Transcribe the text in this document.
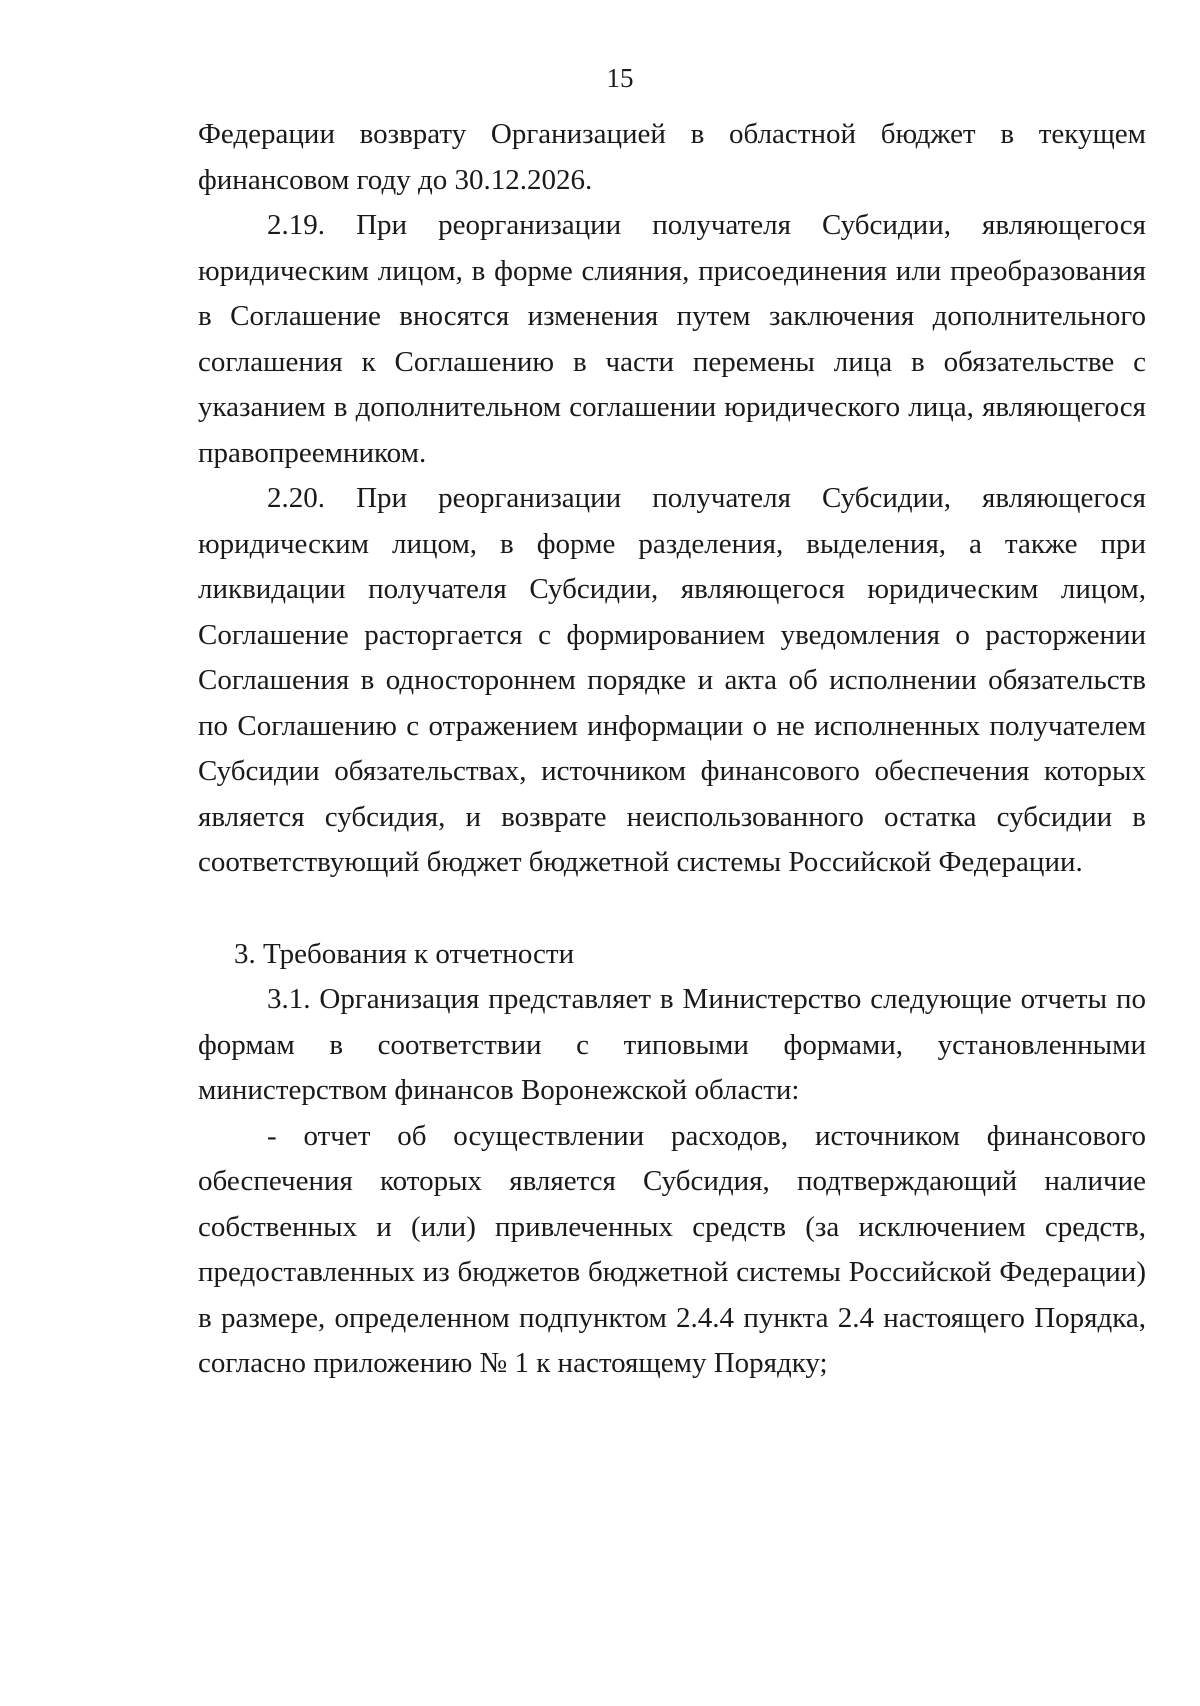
15

Федерации возврату Организацией в областной бюджет в текущем финансовом году до 30.12.2026.

2.19. При реорганизации получателя Субсидии, являющегося юридическим лицом, в форме слияния, присоединения или преобразования в Соглашение вносятся изменения путем заключения дополнительного соглашения к Соглашению в части перемены лица в обязательстве с указанием в дополнительном соглашении юридического лица, являющегося правопреемником.

2.20. При реорганизации получателя Субсидии, являющегося юридическим лицом, в форме разделения, выделения, а также при ликвидации получателя Субсидии, являющегося юридическим лицом, Соглашение расторгается с формированием уведомления о расторжении Соглашения в одностороннем порядке и акта об исполнении обязательств по Соглашению с отражением информации о не исполненных получателем Субсидии обязательствах, источником финансового обеспечения которых является субсидия, и возврате неиспользованного остатка субсидии в соответствующий бюджет бюджетной системы Российской Федерации.

3. Требования к отчетности

3.1. Организация представляет в Министерство следующие отчеты по формам в соответствии с типовыми формами, установленными министерством финансов Воронежской области:

- отчет об осуществлении расходов, источником финансового обеспечения которых является Субсидия, подтверждающий наличие собственных и (или) привлеченных средств (за исключением средств, предоставленных из бюджетов бюджетной системы Российской Федерации) в размере, определенном подпунктом 2.4.4 пункта 2.4 настоящего Порядка, согласно приложению № 1 к настоящему Порядку;
